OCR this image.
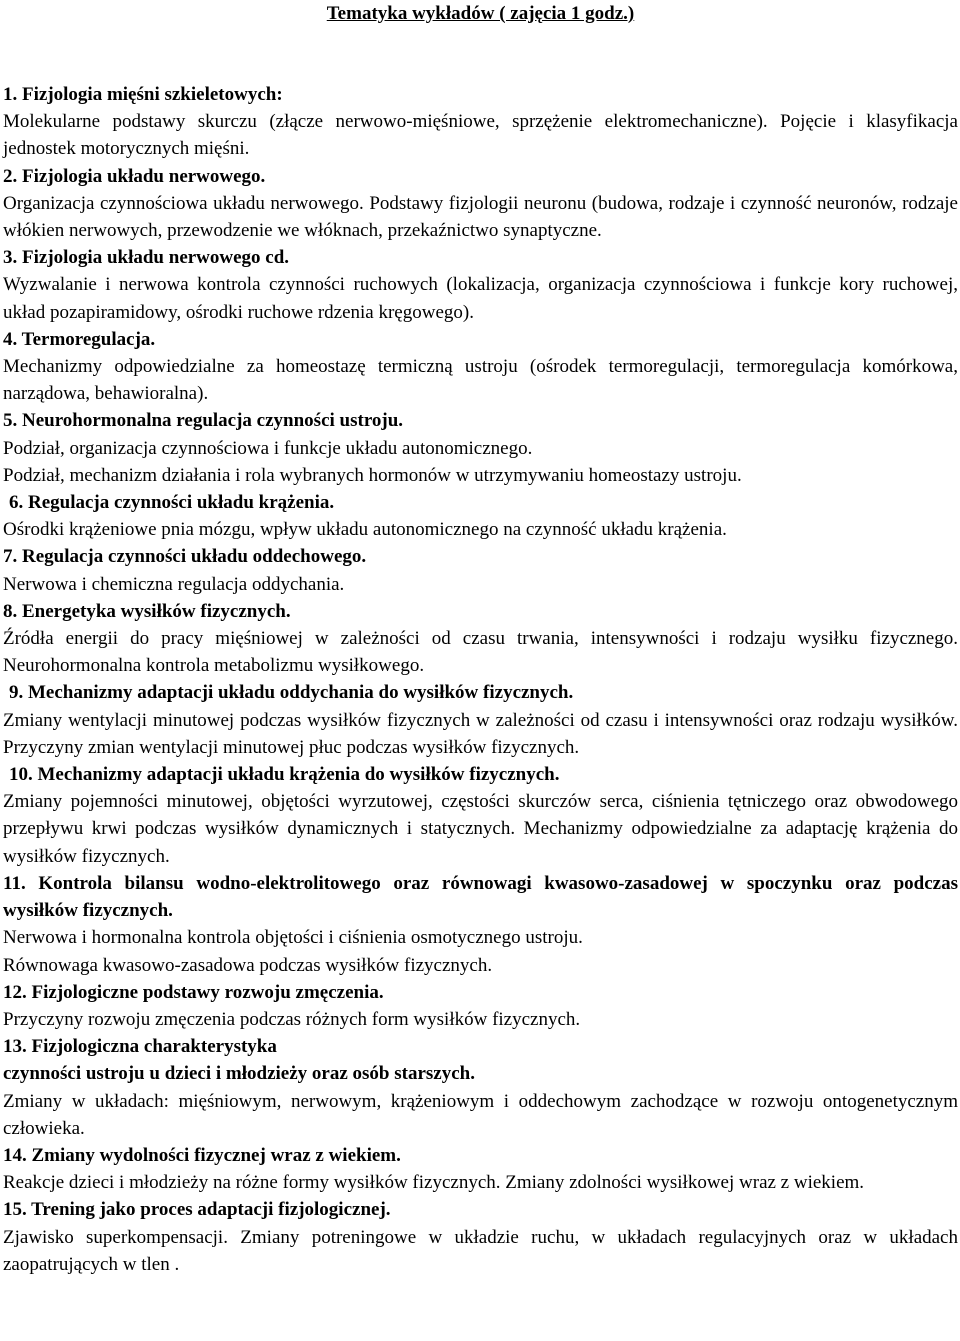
Tematyka wykładów ( zajęcia 1 godz.)

1. Fizjologia mięśni szkieletowych:

Molekularne podstawy skurczu (złącze nerwowo-mięśniowe, sprzężenie elektromechaniczne). Pojęcie i klasyfikacja jednostek motorycznych mięśni.

2. Fizjologia układu nerwowego.

Organizacja czynnościowa układu nerwowego. Podstawy fizjologii neuronu (budowa, rodzaje i czynność neuronów, rodzaje włókien nerwowych, przewodzenie we włóknach, przekaźnictwo synaptyczne.

3. Fizjologia układu nerwowego cd.

Wyzwalanie i nerwowa kontrola czynności ruchowych (lokalizacja, organizacja czynnościowa i funkcje kory ruchowej, układ pozapiramidowy, ośrodki ruchowe rdzenia kręgowego).

4. Termoregulacja.

Mechanizmy odpowiedzialne za homeostazę termiczną ustroju (ośrodek termoregulacji, termoregulacja komórkowa, narządowa, behawioralna).

5. Neurohormonalna regulacja czynności ustroju.

Podział, organizacja czynnościowa i funkcje układu autonomicznego.

Podział, mechanizm działania i rola wybranych hormonów w utrzymywaniu homeostazy ustroju.

6. Regulacja czynności układu krążenia.

Ośrodki krążeniowe pnia mózgu, wpływ układu autonomicznego na czynność układu krążenia.

7. Regulacja czynności układu oddechowego.

Nerwowa i chemiczna regulacja oddychania.

8. Energetyka wysiłków fizycznych.

Źródła energii do pracy mięśniowej w zależności od czasu trwania, intensywności i rodzaju wysiłku fizycznego. Neurohormonalna kontrola metabolizmu wysiłkowego.

9. Mechanizmy adaptacji układu oddychania do wysiłków fizycznych.

Zmiany wentylacji minutowej podczas wysiłków fizycznych w zależności od czasu i intensywności oraz rodzaju wysiłków. Przyczyny zmian wentylacji minutowej płuc podczas wysiłków fizycznych.

10. Mechanizmy adaptacji układu krążenia do wysiłków fizycznych.

Zmiany pojemności minutowej, objętości wyrzutowej, częstości skurczów serca, ciśnienia tętniczego oraz obwodowego przepływu krwi podczas wysiłków dynamicznych i statycznych. Mechanizmy odpowiedzialne za adaptację krążenia do wysiłków fizycznych.

11. Kontrola bilansu wodno-elektrolitowego oraz równowagi kwasowo-zasadowej w spoczynku oraz podczas wysiłków fizycznych.

Nerwowa i hormonalna kontrola objętości i ciśnienia osmotycznego ustroju.

Równowaga kwasowo-zasadowa podczas wysiłków fizycznych.

12. Fizjologiczne podstawy rozwoju zmęczenia.

Przyczyny rozwoju zmęczenia podczas różnych form wysiłków fizycznych.

13. Fizjologiczna charakterystyka

czynności ustroju u dzieci i młodzieży oraz osób starszych.

Zmiany w układach: mięśniowym, nerwowym, krążeniowym i oddechowym zachodzące w rozwoju ontogenetycznym człowieka.

14. Zmiany wydolności fizycznej wraz z wiekiem.

Reakcje dzieci i młodzieży na różne formy wysiłków fizycznych. Zmiany zdolności wysiłkowej wraz z wiekiem.

15. Trening jako proces adaptacji fizjologicznej.

Zjawisko superkompensacji. Zmiany potreningowe w układzie ruchu, w układach regulacyjnych oraz w układach zaopatrujących w tlen .
